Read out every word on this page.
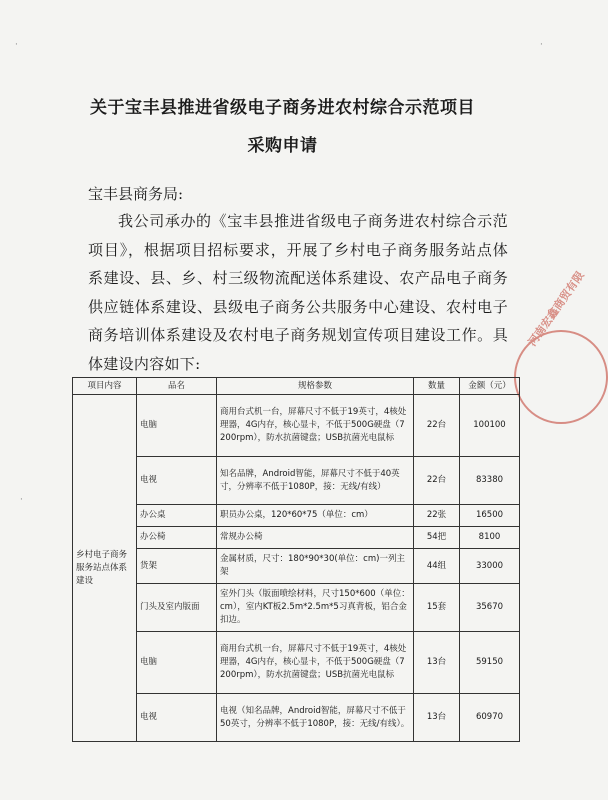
·
·
·
关于宝丰县推进省级电子商务进农村综合示范项目
采购申请
宝丰县商务局:
我公司承办的《宝丰县推进省级电子商务进农村综合示范项目》，根据项目招标要求，开展了乡村电子商务服务站点体系建设、县、乡、村三级物流配送体系建设、农产品电子商务供应链体系建设、县级电子商务公共服务中心建设、农村电子商务培训体系建设及农村电子商务规划宣传项目建设工作。具体建设内容如下:
河南宏鑫商贸有限
项目内容	品名	规格参数	数量	金额（元）
乡村电子商务服务站点体系建设	电脑	商用台式机一台，屏幕尺寸不低于19英寸，4核处理器，4G内存，核心显卡，不低于500G硬盘（7200rpm），防水抗菌键盘；USB抗菌光电鼠标	22台	100100
	电视	知名品牌，Android智能，屏幕尺寸不低于40英寸，分辨率不低于1080P，接：无线/有线）	22台	83380
	办公桌	职员办公桌，120*60*75（单位：cm）	22张	16500
	办公椅	常规办公椅	54把	8100
	货架	金属材质，尺寸：180*90*30(单位：cm)一列主架	44组	33000
	门头及室内版面	室外门头（版面喷绘材料，尺寸150*600（单位：cm），室内KT板2.5m*2.5m*5习真背板，铝合金扣边。	15套	35670
	电脑	商用台式机一台，屏幕尺寸不低于19英寸，4核处理器，4G内存，核心显卡，不低于500G硬盘（7200rpm），防水抗菌键盘；USB抗菌光电鼠标	13台	59150
	电视	电视（知名品牌，Android智能，屏幕尺寸不低于50英寸，分辨率不低于1080P，接：无线/有线）。	13台	60970
